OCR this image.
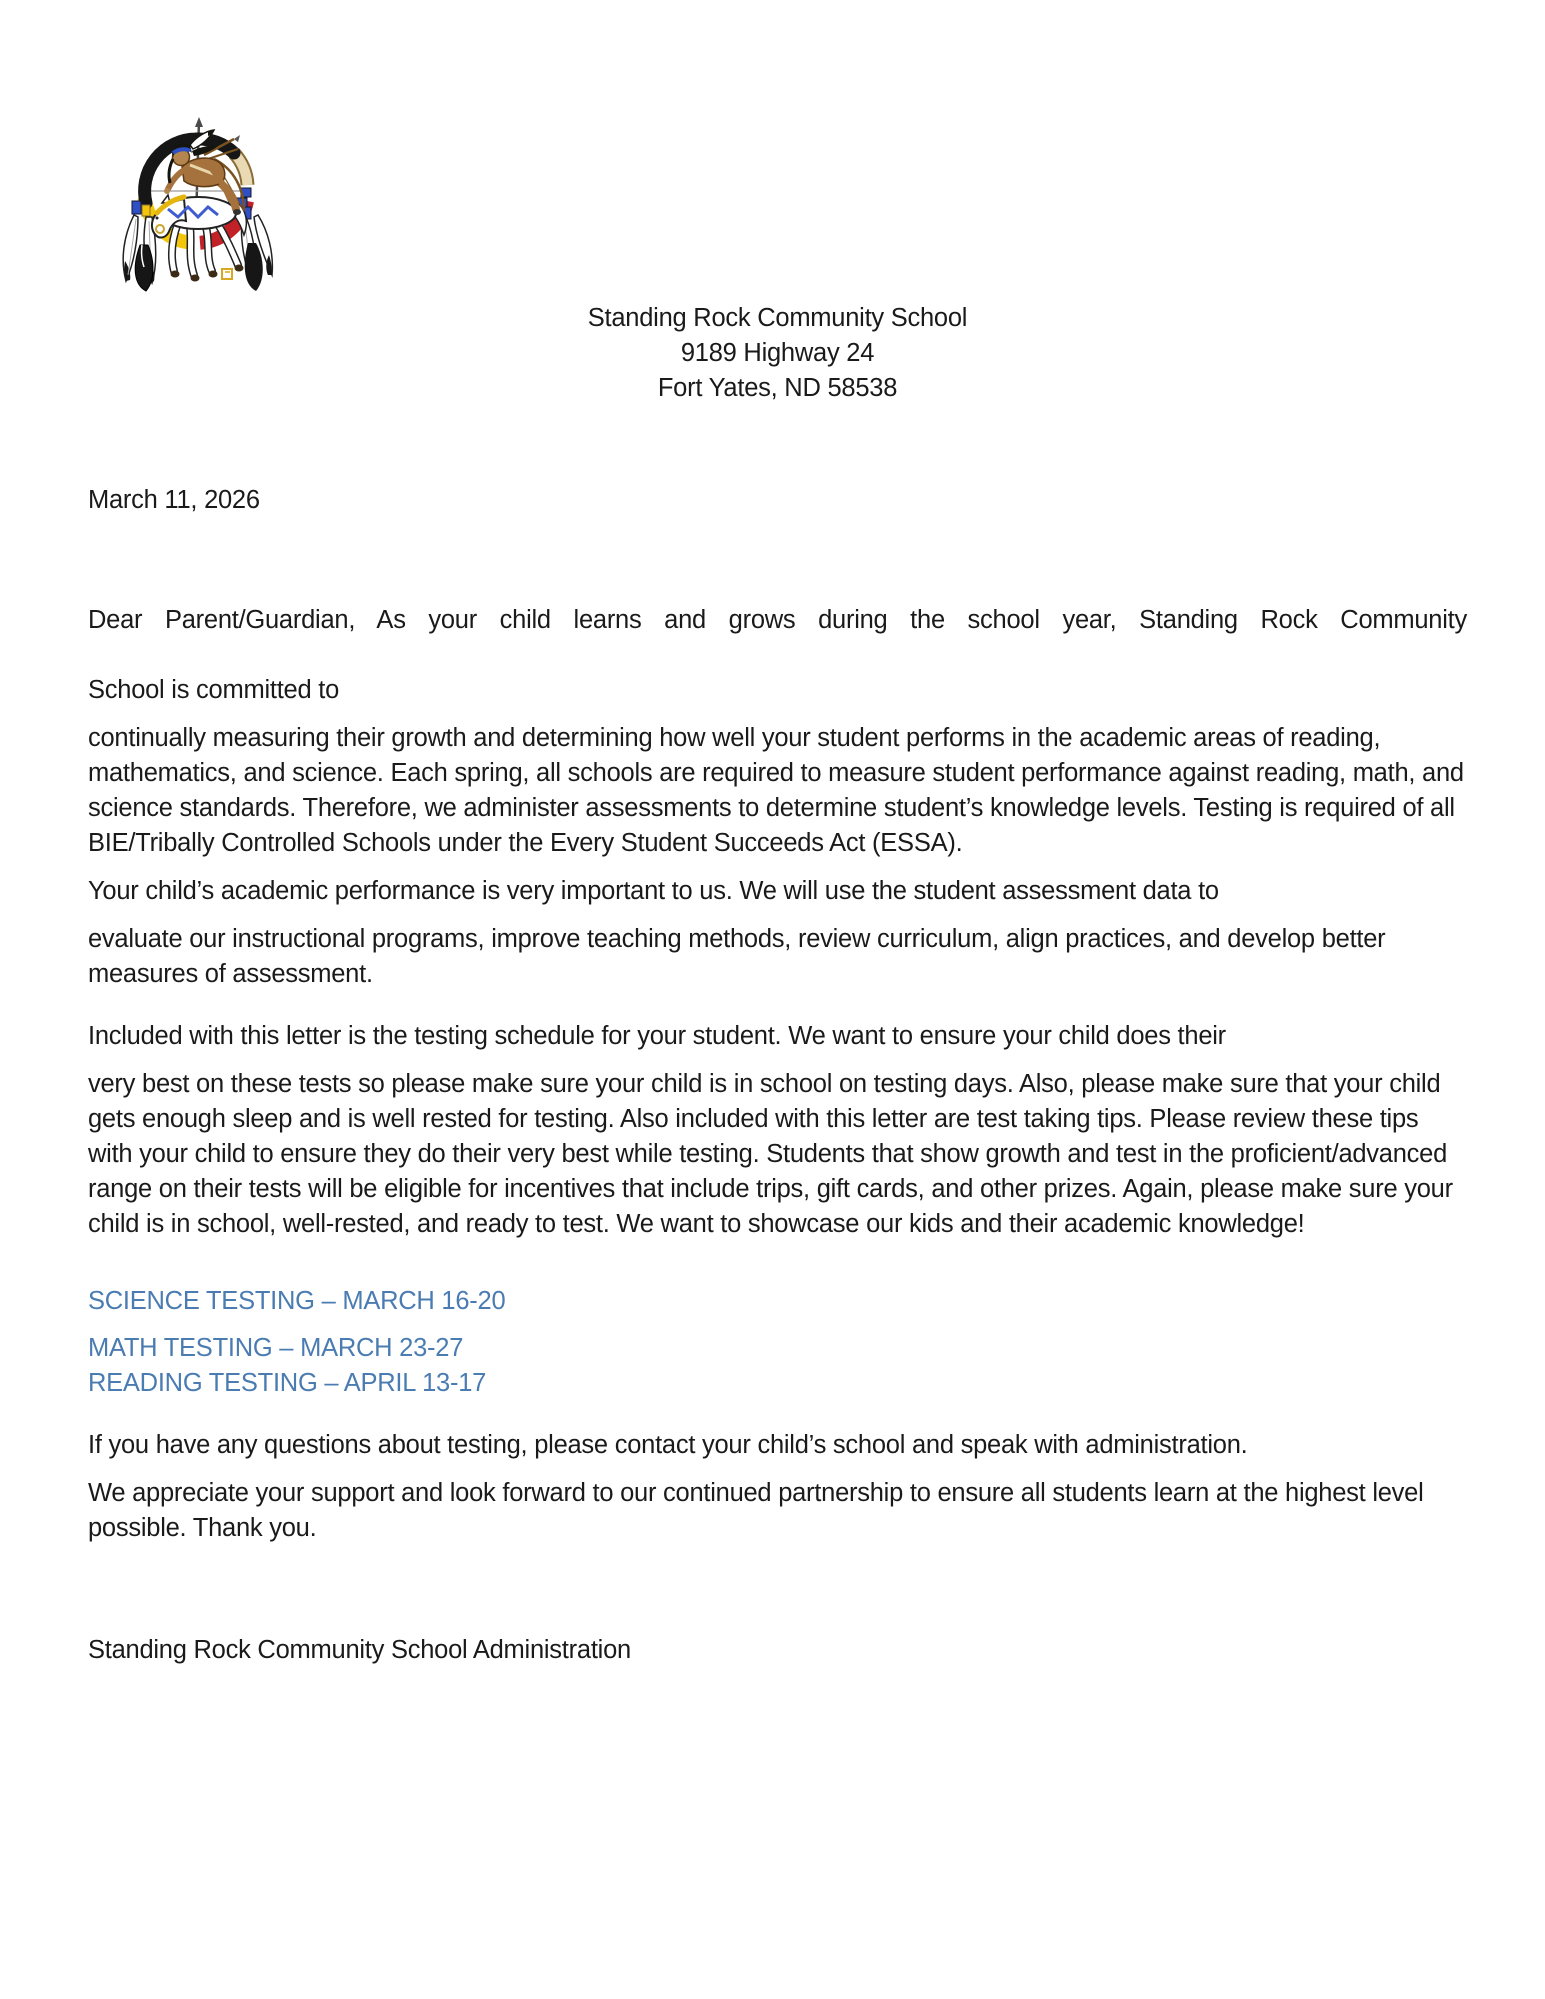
Standing Rock Community School
9189 Highway 24
Fort Yates, ND 58538

March 11, 2026

Dear Parent/Guardian, As your child learns and grows during the school year, Standing Rock Community

School is committed to

continually measuring their growth and determining how well your student performs in the academic areas of reading, mathematics, and science. Each spring, all schools are required to measure student performance against reading, math, and science standards. Therefore, we administer assessments to determine student’s knowledge levels. Testing is required of all BIE/Tribally Controlled Schools under the Every Student Succeeds Act (ESSA).

Your child’s academic performance is very important to us. We will use the student assessment data to

evaluate our instructional programs, improve teaching methods, review curriculum, align practices, and develop better measures of assessment.

Included with this letter is the testing schedule for your student. We want to ensure your child does their

very best on these tests so please make sure your child is in school on testing days. Also, please make sure that your child gets enough sleep and is well rested for testing. Also included with this letter are test taking tips. Please review these tips with your child to ensure they do their very best while testing. Students that show growth and test in the proficient/advanced range on their tests will be eligible for incentives that include trips, gift cards, and other prizes. Again, please make sure your child is in school, well-rested, and ready to test. We want to showcase our kids and their academic knowledge!

SCIENCE TESTING – MARCH 16-20

MATH TESTING – MARCH 23-27

READING TESTING – APRIL 13-17

If you have any questions about testing, please contact your child’s school and speak with administration.

We appreciate your support and look forward to our continued partnership to ensure all students learn at the highest level possible. Thank you.

Standing Rock Community School Administration
